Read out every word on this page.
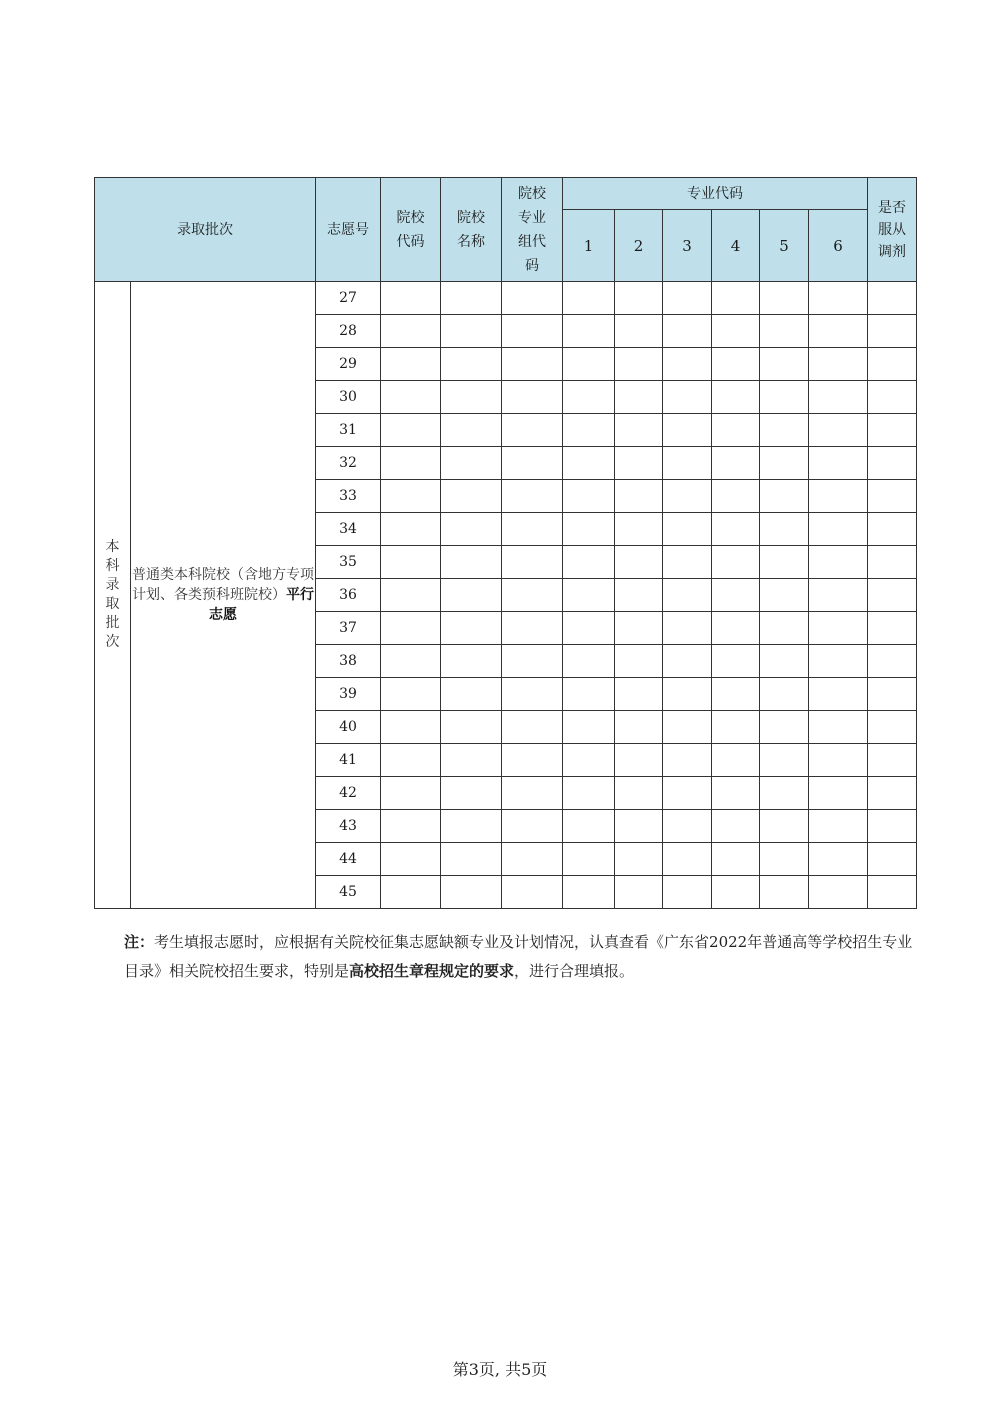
录取批次		志愿号	院校代码	院校名称	院校专业组代码	专业代码						是否服从调剂

						1	2	3	4	5	6	

本科录取批次	普通类本科院校（含地方专项计划、各类预科班院校）平行志愿	27										
		28										
		29										
		30										
		31										
		32										
		33										
		34										
		35										
		36										
		37										
		38										
		39										
		40										
		41										
		42										
		43										
		44										
		45										
注：考生填报志愿时，应根据有关院校征集志愿缺额专业及计划情况，认真查看《广东省2022年普通高等学校招生专业目录》相关院校招生要求，特别是高校招生章程规定的要求，进行合理填报。
第3页, 共5页
